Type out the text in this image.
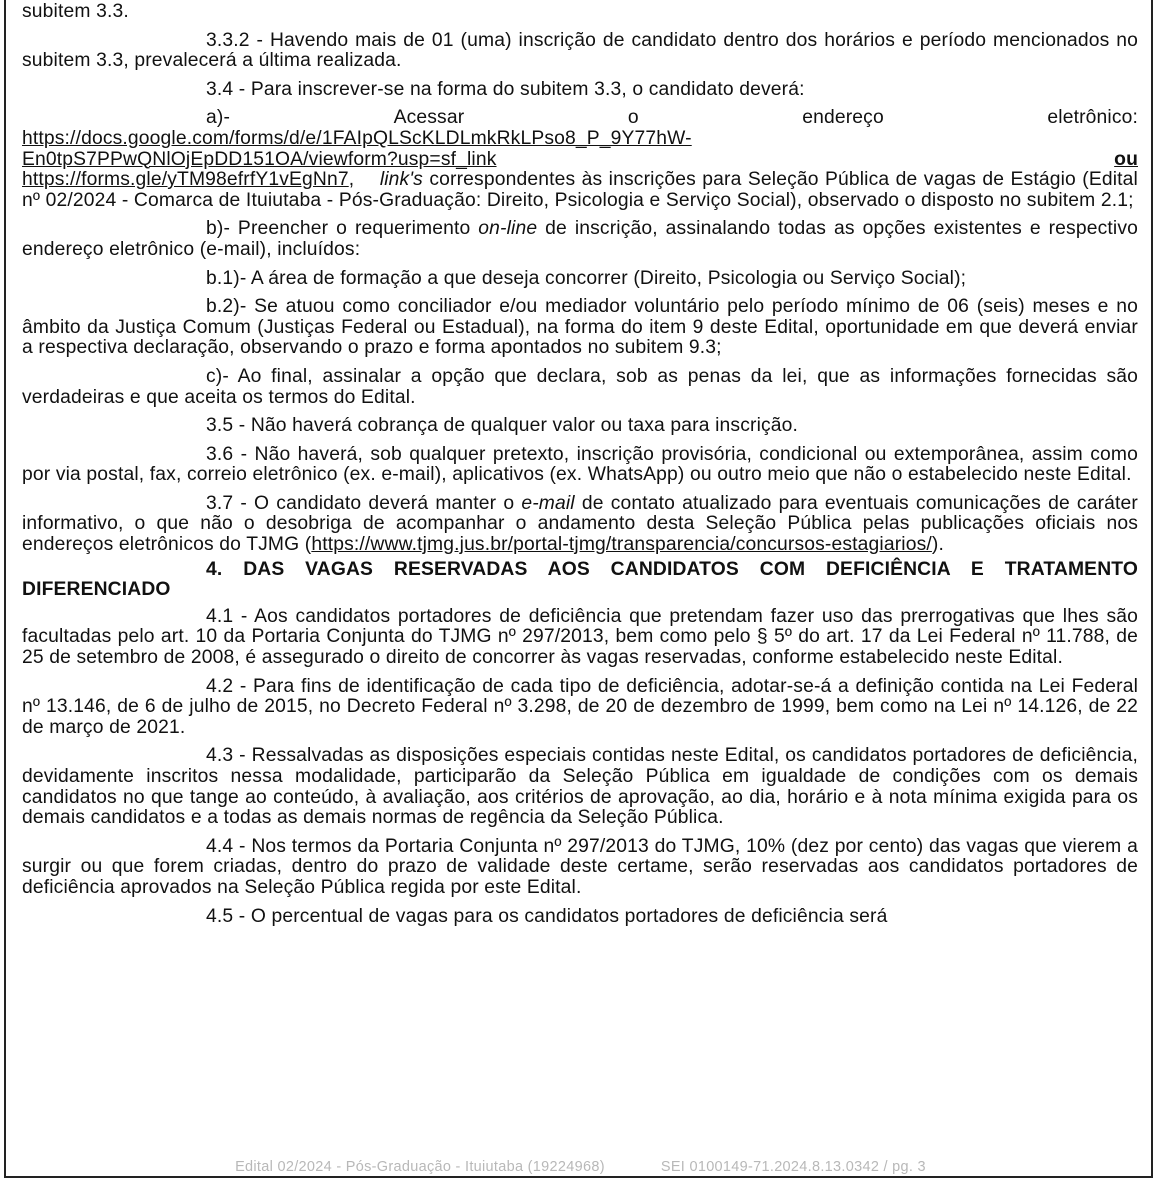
subitem 3.3.

3.3.2 - Havendo mais de 01 (uma) inscrição de candidato dentro dos horários e período mencionados no subitem 3.3, prevalecerá a última realizada.

3.4 - Para inscrever-se na forma do subitem 3.3, o candidato deverá:

a)-	Acessar	o	endereço	eletrônico:
https://docs.google.com/forms/d/e/1FAIpQLScKLDLmkRkLPso8_P_9Y77hW-
En0tpS7PPwQNlOjEpDD151OA/viewform?usp=sf_link	ou
https://forms.gle/yTM98efrfY1vEgNn7, link's correspondentes às inscrições para Seleção Pública de vagas de Estágio (Edital nº 02/2024 - Comarca de Ituiutaba - Pós-Graduação: Direito, Psicologia e Serviço Social), observado o disposto no subitem 2.1;

b)- Preencher o requerimento on-line de inscrição, assinalando todas as opções existentes e respectivo endereço eletrônico (e-mail), incluídos:

b.1)- A área de formação a que deseja concorrer (Direito, Psicologia ou Serviço Social);

b.2)- Se atuou como conciliador e/ou mediador voluntário pelo período mínimo de 06 (seis) meses e no âmbito da Justiça Comum (Justiças Federal ou Estadual), na forma do item 9 deste Edital, oportunidade em que deverá enviar a respectiva declaração, observando o prazo e forma apontados no subitem 9.3;

c)- Ao final, assinalar a opção que declara, sob as penas da lei, que as informações fornecidas são verdadeiras e que aceita os termos do Edital.

3.5 - Não haverá cobrança de qualquer valor ou taxa para inscrição.

3.6 - Não haverá, sob qualquer pretexto, inscrição provisória, condicional ou extemporânea, assim como por via postal, fax, correio eletrônico (ex. e-mail), aplicativos (ex. WhatsApp) ou outro meio que não o estabelecido neste Edital.

3.7 - O candidato deverá manter o e-mail de contato atualizado para eventuais comunicações de caráter informativo, o que não o desobriga de acompanhar o andamento desta Seleção Pública pelas publicações oficiais nos endereços eletrônicos do TJMG (https://www.tjmg.jus.br/portal-tjmg/transparencia/concursos-estagiarios/).

4. DAS VAGAS RESERVADAS AOS CANDIDATOS COM DEFICIÊNCIA E TRATAMENTO DIFERENCIADO

4.1 - Aos candidatos portadores de deficiência que pretendam fazer uso das prerrogativas que lhes são facultadas pelo art. 10 da Portaria Conjunta do TJMG nº 297/2013, bem como pelo § 5º do art. 17 da Lei Federal nº 11.788, de 25 de setembro de 2008, é assegurado o direito de concorrer às vagas reservadas, conforme estabelecido neste Edital.

4.2 - Para fins de identificação de cada tipo de deficiência, adotar-se-á a definição contida na Lei Federal nº 13.146, de 6 de julho de 2015, no Decreto Federal nº 3.298, de 20 de dezembro de 1999, bem como na Lei nº 14.126, de 22 de março de 2021.

4.3 - Ressalvadas as disposições especiais contidas neste Edital, os candidatos portadores de deficiência, devidamente inscritos nessa modalidade, participarão da Seleção Pública em igualdade de condições com os demais candidatos no que tange ao conteúdo, à avaliação, aos critérios de aprovação, ao dia, horário e à nota mínima exigida para os demais candidatos e a todas as demais normas de regência da Seleção Pública.

4.4 - Nos termos da Portaria Conjunta nº 297/2013 do TJMG, 10% (dez por cento) das vagas que vierem a surgir ou que forem criadas, dentro do prazo de validade deste certame, serão reservadas aos candidatos portadores de deficiência aprovados na Seleção Pública regida por este Edital.

4.5 - O percentual de vagas para os candidatos portadores de deficiência será

Edital 02/2024 - Pós-Graduação - Ituiutaba (19224968)	SEI 0100149-71.2024.8.13.0342 / pg. 3
